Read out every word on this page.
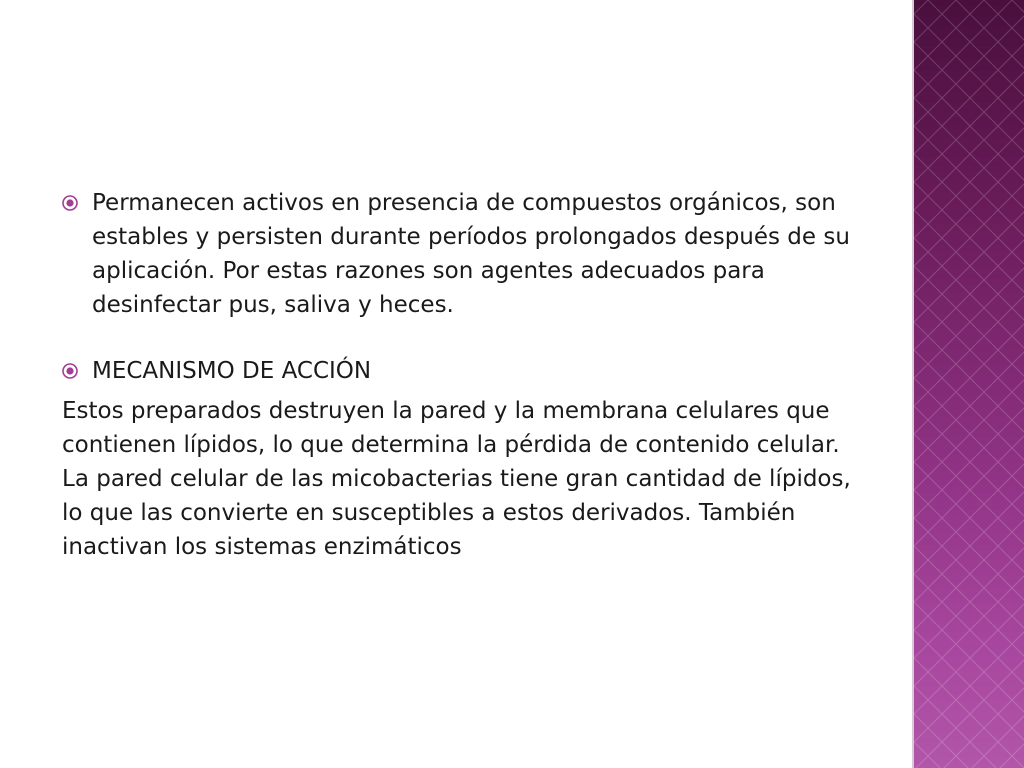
Permanecen activos en presencia de compuestos orgánicos, son estables y persisten durante períodos prolongados después de su aplicación. Por estas razones son agentes adecuados para desinfectar pus, saliva y heces.
MECANISMO DE ACCIÓN

Estos preparados destruyen la pared y la membrana celulares que contienen lípidos, lo que determina la pérdida de contenido celular. La pared celular de las micobacterias tiene gran cantidad de lípidos, lo que las convierte en susceptibles a estos derivados. También inactivan los sistemas enzimáticos
